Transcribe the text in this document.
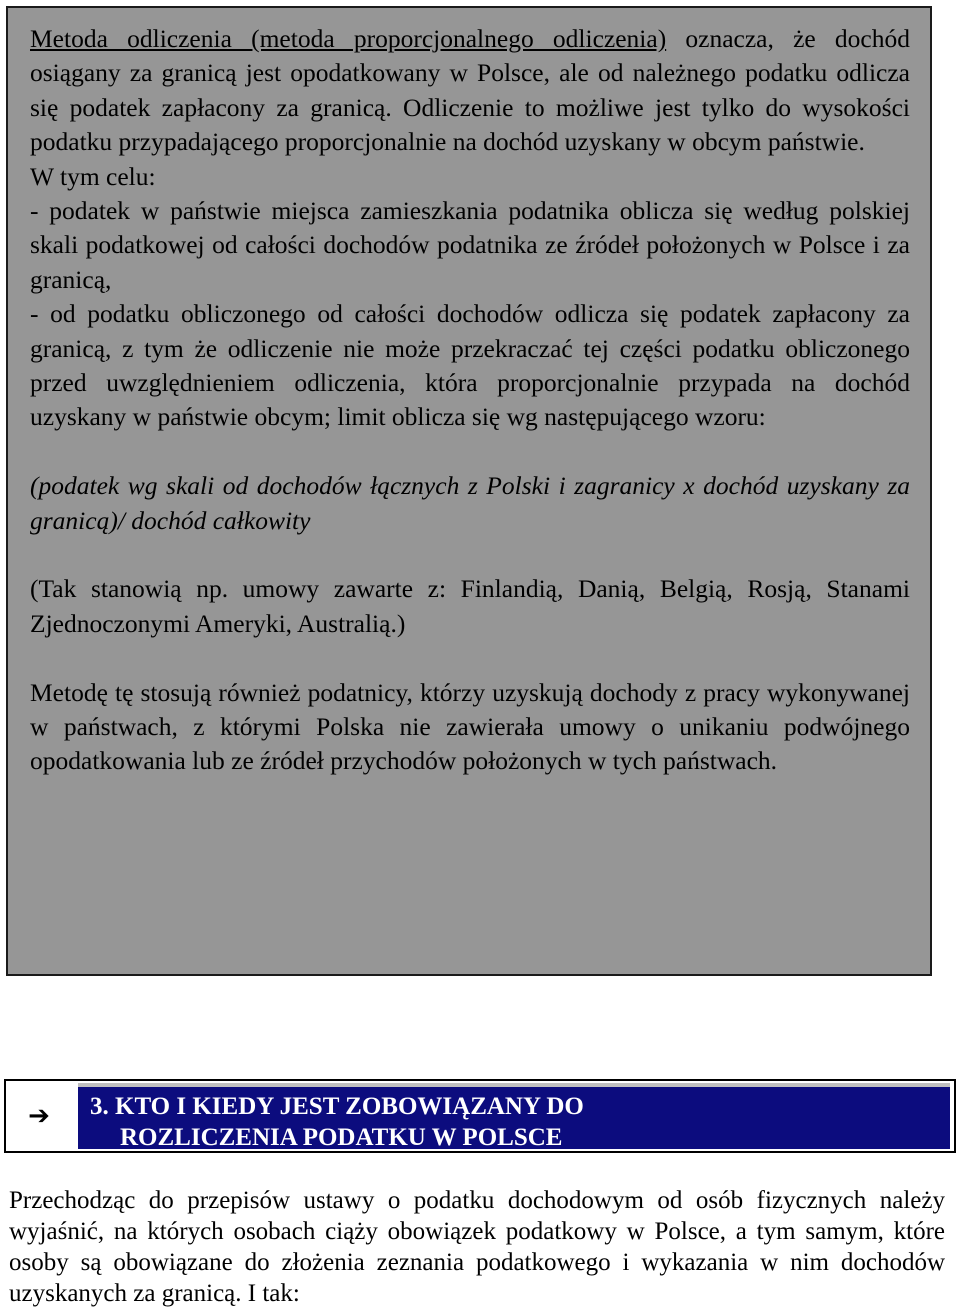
Metoda odliczenia (metoda proporcjonalnego odliczenia) oznacza, że dochód osiągany za granicą jest opodatkowany w Polsce, ale od należnego podatku odlicza się podatek zapłacony za granicą. Odliczenie to możliwe jest tylko do wysokości podatku przypadającego proporcjonalnie na dochód uzyskany w obcym państwie.

W tym celu:

- podatek w państwie miejsca zamieszkania podatnika oblicza się według polskiej skali podatkowej od całości dochodów podatnika ze źródeł położonych w Polsce i za granicą,

- od podatku obliczonego od całości dochodów odlicza się podatek zapłacony za granicą, z tym że odliczenie nie może przekraczać tej części podatku obliczonego przed uwzględnieniem odliczenia, która proporcjonalnie przypada na dochód uzyskany w państwie obcym; limit oblicza się wg następującego wzoru:

(podatek wg skali od dochodów łącznych z Polski i zagranicy x dochód uzyskany za granicą)/ dochód całkowity

(Tak stanowią np. umowy zawarte z: Finlandią, Danią, Belgią, Rosją, Stanami Zjednoczonymi Ameryki, Australią.)

Metodę tę stosują również podatnicy, którzy uzyskują dochody z pracy wykonywanej w państwach, z którymi Polska nie zawierała umowy o unikaniu podwójnego opodatkowania lub ze źródeł przychodów położonych w tych państwach.

➔	3. KTO I KIEDY JEST ZOBOWIĄZANY DO
ROZLICZENIA PODATKU W POLSCE

Przechodząc do przepisów ustawy o podatku dochodowym od osób fizycznych należy wyjaśnić, na których osobach ciąży obowiązek podatkowy w Polsce, a tym samym, które osoby są obowiązane do złożenia zeznania podatkowego i wykazania w nim dochodów uzyskanych za granicą. I tak:
